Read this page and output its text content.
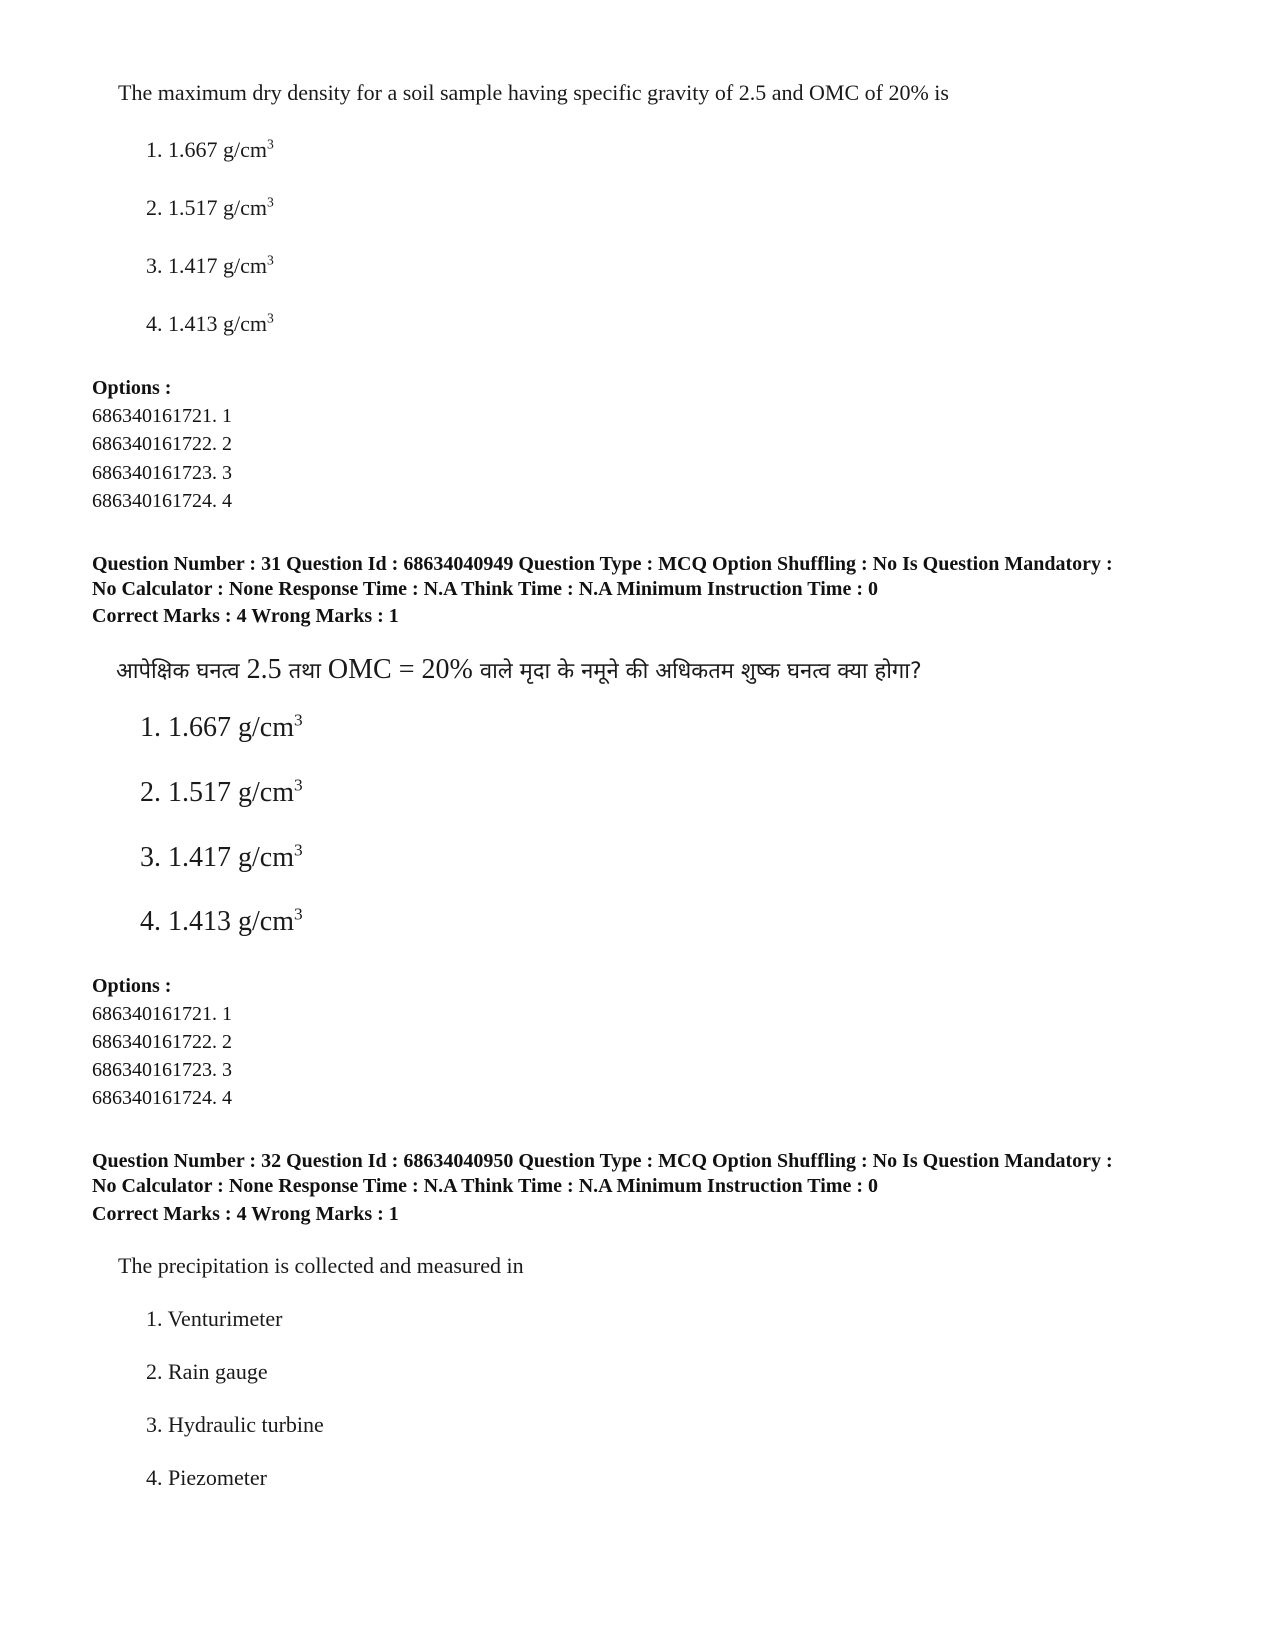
The maximum dry density for a soil sample having specific gravity of 2.5 and OMC of 20% is
1. 1.667 $g/cm^3$
2. 1.517 $g/cm^3$
3. 1.417 $g/cm^3$
4. 1.413 $g/cm^3$
Options :
686340161721. 1
686340161722. 2
686340161723. 3
686340161724. 4
Question Number : 31 Question Id : 68634040949 Question Type : MCQ Option Shuffling : No Is Question Mandatory :
No Calculator : None Response Time : N.A Think Time : N.A Minimum Instruction Time : 0
Correct Marks : 4 Wrong Marks : 1
आपेक्षिक घनत्व 2.5 तथा OMC = 20% वाले मृदा के नमूने की अधिकतम शुष्क घनत्व क्या होगा?
1. 1.667 $g/cm^3$
2. 1.517 $g/cm^3$
3. 1.417 $g/cm^3$
4. 1.413 $g/cm^3$
Options :
686340161721. 1
686340161722. 2
686340161723. 3
686340161724. 4
Question Number : 32 Question Id : 68634040950 Question Type : MCQ Option Shuffling : No Is Question Mandatory :
No Calculator : None Response Time : N.A Think Time : N.A Minimum Instruction Time : 0
Correct Marks : 4 Wrong Marks : 1
The precipitation is collected and measured in
1. Venturimeter
2. Rain gauge
3. Hydraulic turbine
4. Piezometer
